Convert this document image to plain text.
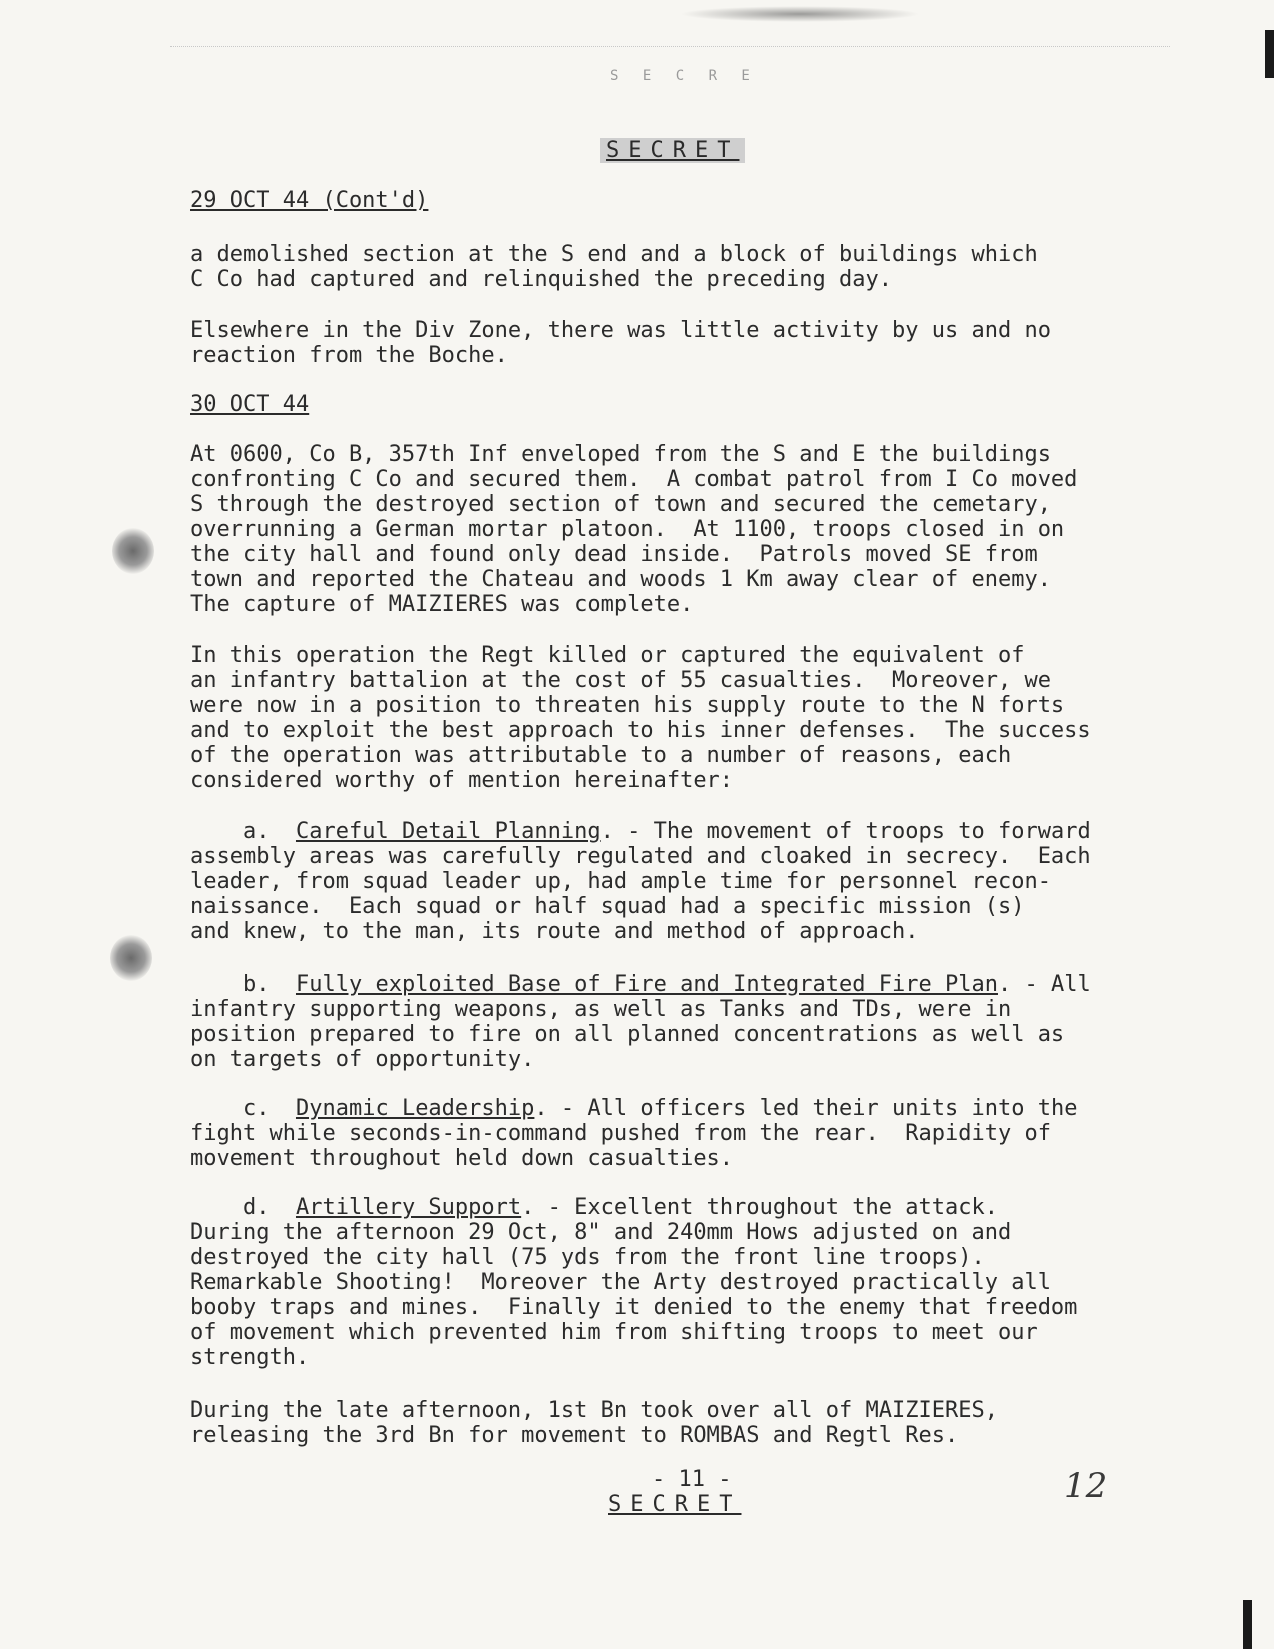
S E C R E
SECRET
29 OCT 44 (Cont'd)

a demolished section at the S end and a block of buildings which
C Co had captured and relinquished the preceding day.

Elsewhere in the Div Zone, there was little activity by us and no
reaction from the Boche.

30 OCT 44

At 0600, Co B, 357th Inf enveloped from the S and E the buildings
confronting C Co and secured them.  A combat patrol from I Co moved
S through the destroyed section of town and secured the cemetary,
overrunning a German mortar platoon.  At 1100, troops closed in on
the city hall and found only dead inside.  Patrols moved SE from
town and reported the Chateau and woods 1 Km away clear of enemy.
The capture of MAIZIERES was complete.

In this operation the Regt killed or captured the equivalent of
an infantry battalion at the cost of 55 casualties.  Moreover, we
were now in a position to threaten his supply route to the N forts
and to exploit the best approach to his inner defenses.  The success
of the operation was attributable to a number of reasons, each
considered worthy of mention hereinafter:

a. Careful Detail Planning. - The movement of troops to forward
assembly areas was carefully regulated and cloaked in secrecy.  Each
leader, from squad leader up, had ample time for personnel recon-
naissance.  Each squad or half squad had a specific mission (s)
and knew, to the man, its route and method of approach.

b. Fully exploited Base of Fire and Integrated Fire Plan. - All
infantry supporting weapons, as well as Tanks and TDs, were in
position prepared to fire on all planned concentrations as well as
on targets of opportunity.

c. Dynamic Leadership. - All officers led their units into the
fight while seconds-in-command pushed from the rear.  Rapidity of
movement throughout held down casualties.

d. Artillery Support. - Excellent throughout the attack.
During the afternoon 29 Oct, 8" and 240mm Hows adjusted on and
destroyed the city hall (75 yds from the front line troops).
Remarkable Shooting!  Moreover the Arty destroyed practically all
booby traps and mines.  Finally it denied to the enemy that freedom
of movement which prevented him from shifting troops to meet our
strength.

During the late afternoon, 1st Bn took over all of MAIZIERES,
releasing the 3rd Bn for movement to ROMBAS and Regtl Res.

- 11 -
SECRET	12
